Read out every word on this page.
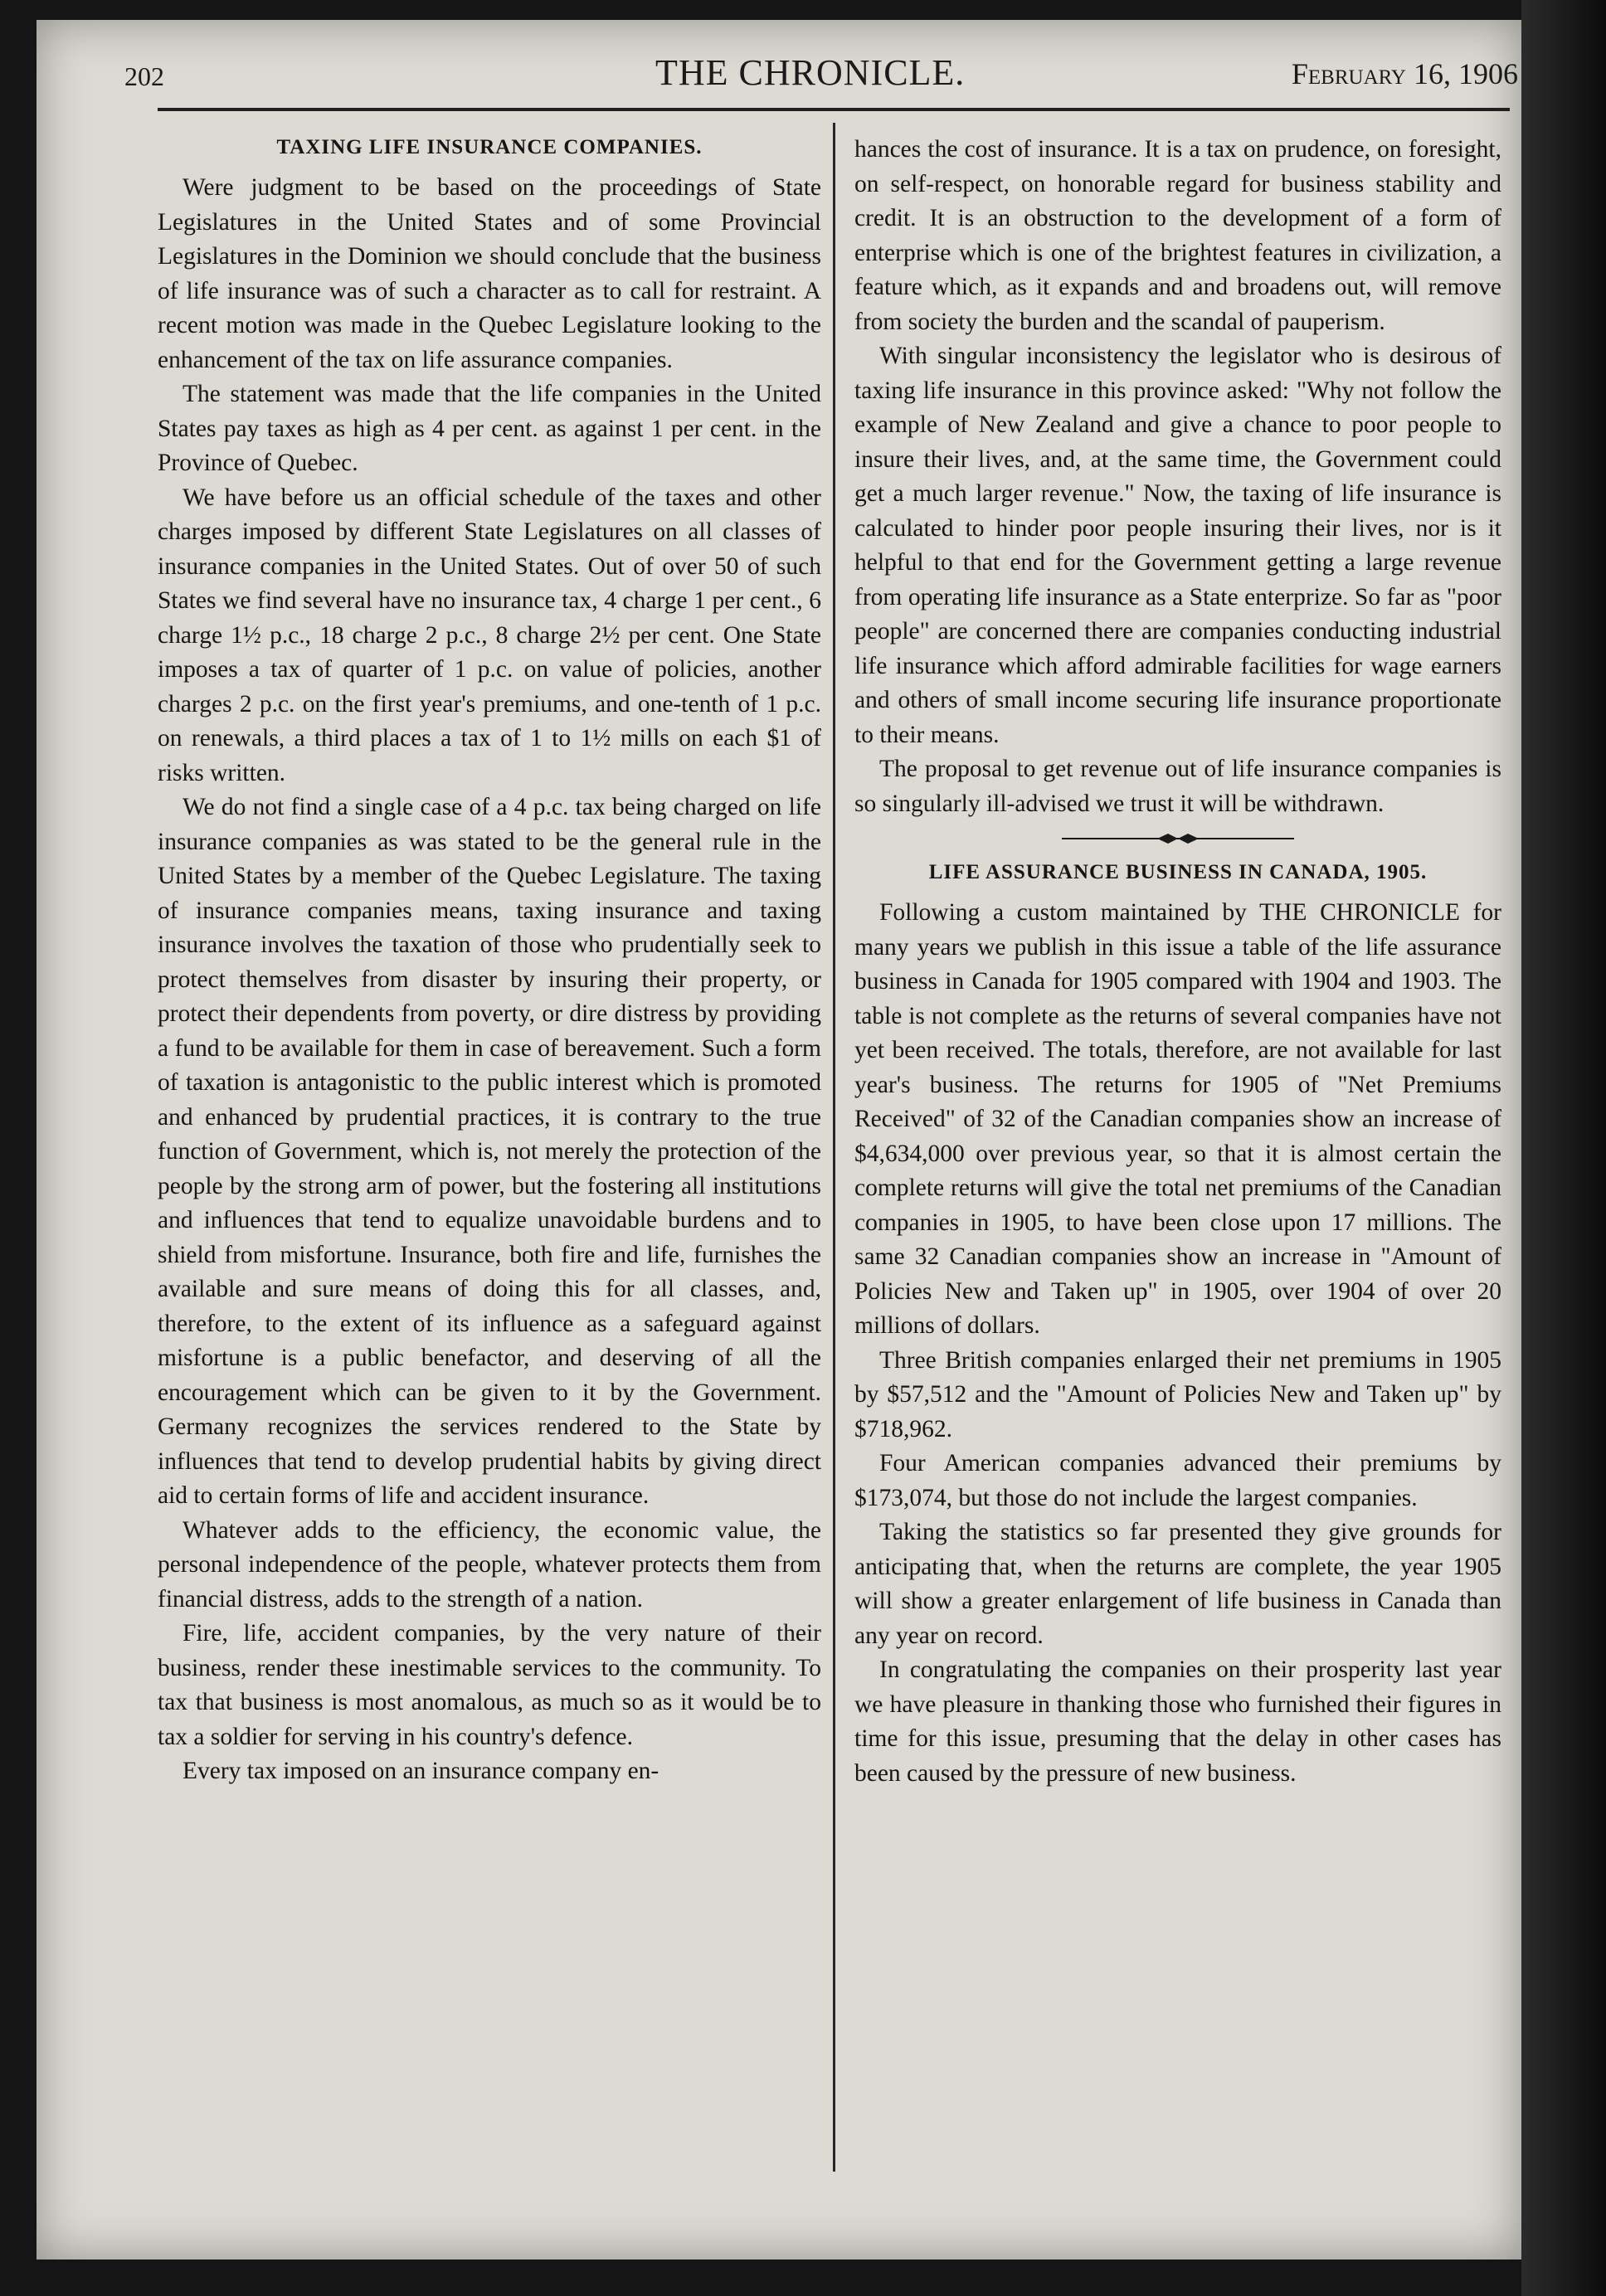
202	THE CHRONICLE.	February 16, 1906
TAXING LIFE INSURANCE COMPANIES.

Were judgment to be based on the proceedings of State Legislatures in the United States and of some Provincial Legislatures in the Dominion we should conclude that the business of life insurance was of such a character as to call for restraint. A recent motion was made in the Quebec Legislature looking to the enhancement of the tax on life assurance companies.

The statement was made that the life companies in the United States pay taxes as high as 4 per cent. as against 1 per cent. in the Province of Quebec.

We have before us an official schedule of the taxes and other charges imposed by different State Legislatures on all classes of insurance companies in the United States. Out of over 50 of such States we find several have no insurance tax, 4 charge 1 per cent., 6 charge 1½ p.c., 18 charge 2 p.c., 8 charge 2½ per cent. One State imposes a tax of quarter of 1 p.c. on value of policies, another charges 2 p.c. on the first year's premiums, and one-tenth of 1 p.c. on renewals, a third places a tax of 1 to 1½ mills on each $1 of risks written.

We do not find a single case of a 4 p.c. tax being charged on life insurance companies as was stated to be the general rule in the United States by a member of the Quebec Legislature. The taxing of insurance companies means, taxing insurance and taxing insurance involves the taxation of those who prudentially seek to protect themselves from disaster by insuring their property, or protect their dependents from poverty, or dire distress by providing a fund to be available for them in case of bereavement. Such a form of taxation is antagonistic to the public interest which is promoted and enhanced by prudential practices, it is contrary to the true function of Government, which is, not merely the protection of the people by the strong arm of power, but the fostering all institutions and influences that tend to equalize unavoidable burdens and to shield from misfortune. Insurance, both fire and life, furnishes the available and sure means of doing this for all classes, and, therefore, to the extent of its influence as a safeguard against misfortune is a public benefactor, and deserving of all the encouragement which can be given to it by the Government. Germany recognizes the services rendered to the State by influences that tend to develop prudential habits by giving direct aid to certain forms of life and accident insurance.

Whatever adds to the efficiency, the economic value, the personal independence of the people, whatever protects them from financial distress, adds to the strength of a nation.

Fire, life, accident companies, by the very nature of their business, render these inestimable services to the community. To tax that business is most anomalous, as much so as it would be to tax a soldier for serving in his country's defence.

Every tax imposed on an insurance company en-

hances the cost of insurance. It is a tax on prudence, on foresight, on self-respect, on honorable regard for business stability and credit. It is an obstruction to the development of a form of enterprise which is one of the brightest features in civilization, a feature which, as it expands and and broadens out, will remove from society the burden and the scandal of pauperism.

With singular inconsistency the legislator who is desirous of taxing life insurance in this province asked: "Why not follow the example of New Zealand and give a chance to poor people to insure their lives, and, at the same time, the Government could get a much larger revenue." Now, the taxing of life insurance is calculated to hinder poor people insuring their lives, nor is it helpful to that end for the Government getting a large revenue from operating life insurance as a State enterprize. So far as "poor people" are concerned there are companies conducting industrial life insurance which afford admirable facilities for wage earners and others of small income securing life insurance proportionate to their means.

The proposal to get revenue out of life insurance companies is so singularly ill-advised we trust it will be withdrawn.

LIFE ASSURANCE BUSINESS IN CANADA, 1905.

Following a custom maintained by THE CHRONICLE for many years we publish in this issue a table of the life assurance business in Canada for 1905 compared with 1904 and 1903. The table is not complete as the returns of several companies have not yet been received. The totals, therefore, are not available for last year's business. The returns for 1905 of "Net Premiums Received" of 32 of the Canadian companies show an increase of $4,634,000 over previous year, so that it is almost certain the complete returns will give the total net premiums of the Canadian companies in 1905, to have been close upon 17 millions. The same 32 Canadian companies show an increase in "Amount of Policies New and Taken up" in 1905, over 1904 of over 20 millions of dollars.

Three British companies enlarged their net premiums in 1905 by $57,512 and the "Amount of Policies New and Taken up" by $718,962.

Four American companies advanced their premiums by $173,074, but those do not include the largest companies.

Taking the statistics so far presented they give grounds for anticipating that, when the returns are complete, the year 1905 will show a greater enlargement of life business in Canada than any year on record.

In congratulating the companies on their prosperity last year we have pleasure in thanking those who furnished their figures in time for this issue, presuming that the delay in other cases has been caused by the pressure of new business.
